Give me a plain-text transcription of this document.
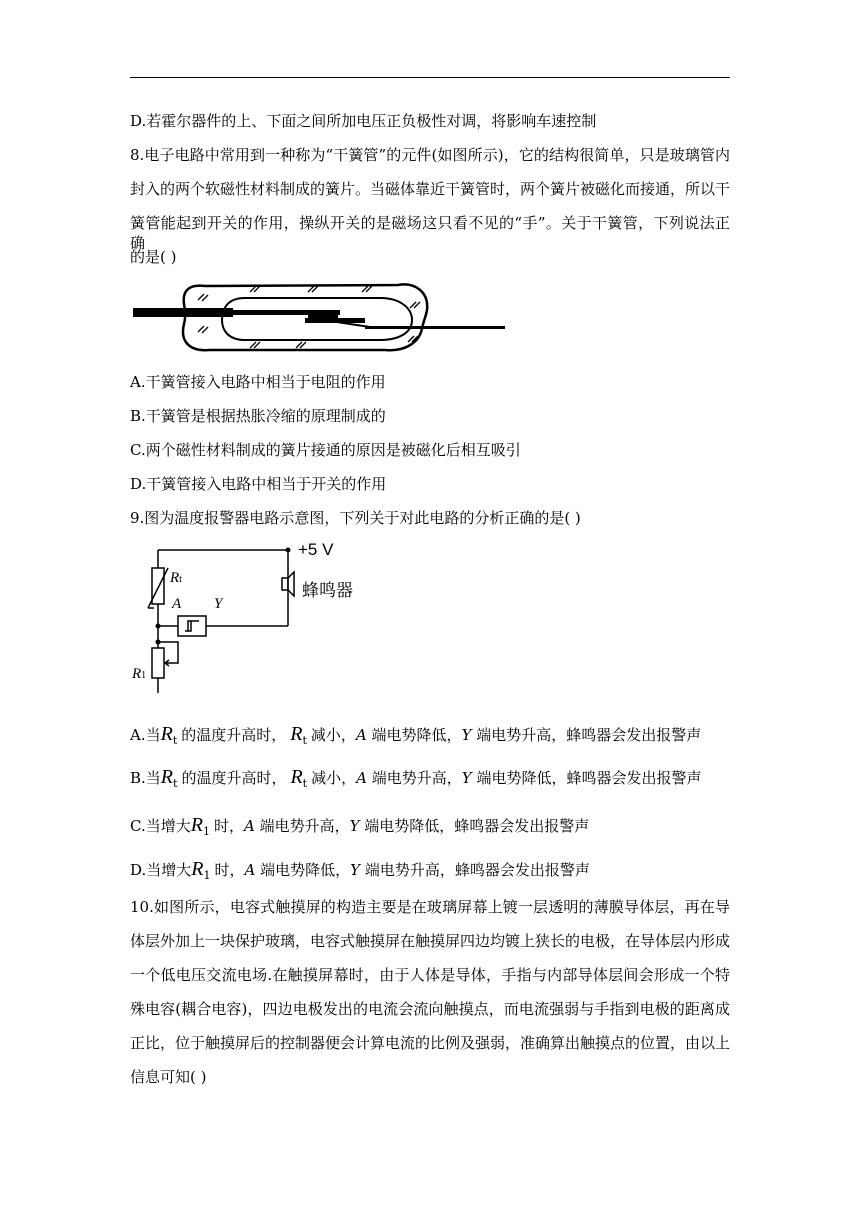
D.若霍尔器件的上、下面之间所加电压正负极性对调，将影响车速控制
8.电子电路中常用到一种称为“干簧管”的元件(如图所示)，它的结构很简单，只是玻璃管内
封入的两个软磁性材料制成的簧片。当磁体靠近干簧管时，两个簧片被磁化而接通，所以干
簧管能起到开关的作用，操纵开关的是磁场这只看不见的“手”。关于干簧管，下列说法正确
的是( )
A.干簧管接入电路中相当于电阻的作用
B.干簧管是根据热胀冷缩的原理制成的
C.两个磁性材料制成的簧片接通的原因是被磁化后相互吸引
D.干簧管接入电路中相当于开关的作用
9.图为温度报警器电路示意图，下列关于对此电路的分析正确的是( )
+5 V
蜂鸣器
Rt
A Y
R1
A.当$R_t$ 的温度升高时， $R_t$ 减小，A 端电势降低，Y 端电势升高，蜂鸣器会发出报警声
B.当$R_t$ 的温度升高时， $R_t$ 减小，A 端电势升高，Y 端电势降低，蜂鸣器会发出报警声
C.当增大$R_1$ 时，A 端电势升高，Y 端电势降低，蜂鸣器会发出报警声
D.当增大$R_1$ 时，A 端电势降低，Y 端电势升高，蜂鸣器会发出报警声
10.如图所示，电容式触摸屏的构造主要是在玻璃屏幕上镀一层透明的薄膜导体层，再在导
体层外加上一块保护玻璃，电容式触摸屏在触摸屏四边均镀上狭长的电极，在导体层内形成
一个低电压交流电场.在触摸屏幕时，由于人体是导体，手指与内部导体层间会形成一个特
殊电容(耦合电容)，四边电极发出的电流会流向触摸点，而电流强弱与手指到电极的距离成
正比，位于触摸屏后的控制器便会计算电流的比例及强弱，准确算出触摸点的位置，由以上
信息可知( )
